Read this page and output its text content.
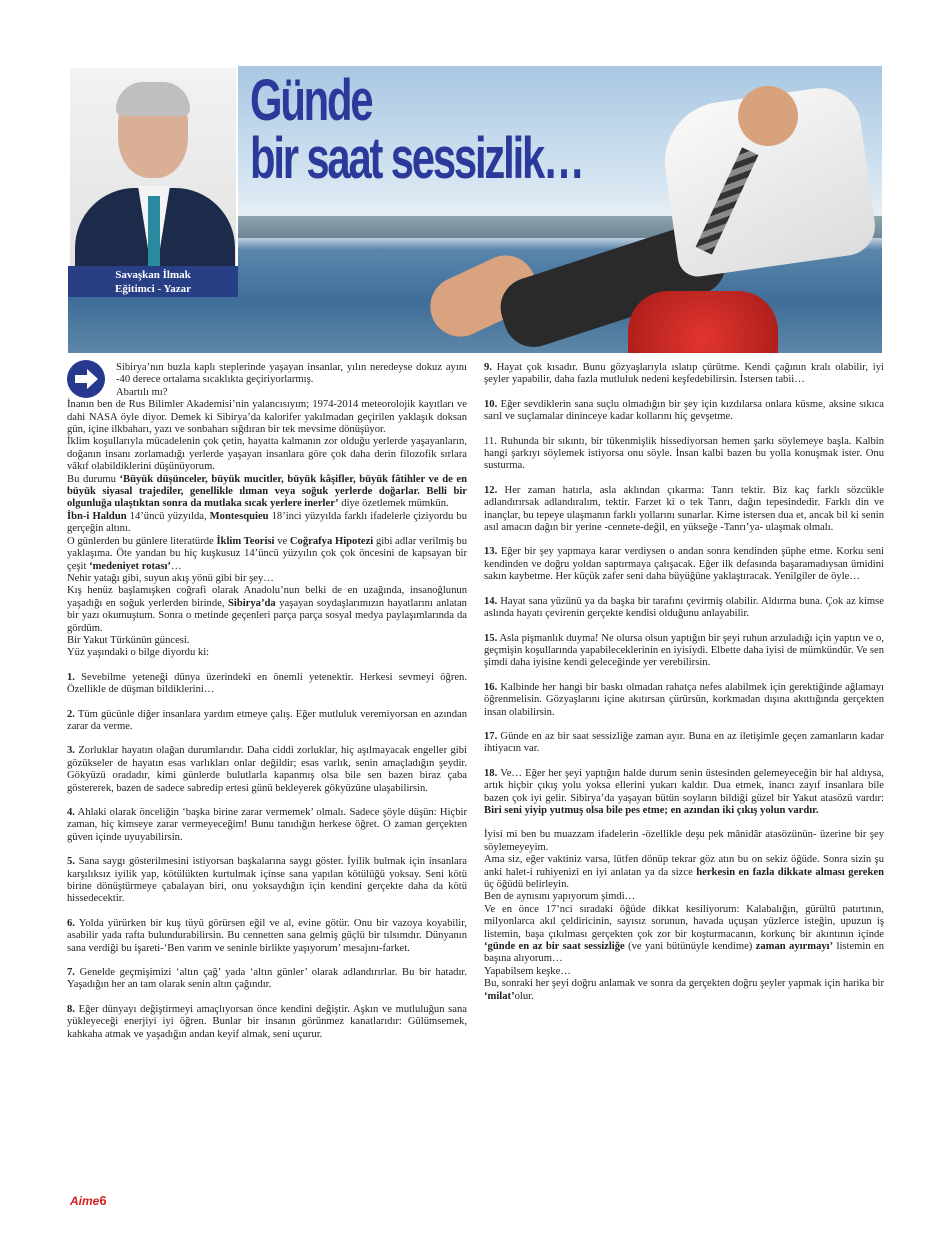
Savaşkan İlmak
Eğitimci - Yazar
Günde
bir saat sessizlik…

Sibirya’nın buzla kaplı steplerinde yaşayan insanlar, yılın neredeyse dokuz ayını -40 derece ortalama sıcaklıkta geçiriyorlarmış.

Abartılı mı?

İnanın ben de Rus Bilimler Akademisi’nin yalancısıyım; 1974-2014 meteorolojik kayıtları ve dahi NASA öyle diyor. Demek ki Sibirya’da kalorifer yakılmadan geçirilen yaklaşık doksan gün, içine ilkbaharı, yazı ve sonbaharı sığdıran bir tek mevsime dönüşüyor.

İklim koşullarıyla mücadelenin çok çetin, hayatta kalmanın zor olduğu yerlerde yaşayanların, doğanın insanı zorlamadığı yerlerde yaşayan insanlara göre çok daha derin filozofik sırlara vâkıf olabildiklerini düşünüyorum.

Bu durumu ‘Büyük düşünceler, büyük mucitler, büyük kâşifler, büyük fâtihler ve de en büyük siyasal trajediler, genellikle ılıman veya soğuk yerlerde doğarlar. Belli bir olgunluğa ulaştıktan sonra da mutlaka sıcak yerlere inerler’ diye özetlemek mümkün.

İbn-i Haldun 14’üncü yüzyılda, Montesquieu 18’inci yüzyılda farklı ifadelerle çiziyordu bu gerçeğin altını.

O günlerden bu günlere literatürde İklim Teorisi ve Coğrafya Hipotezi gibi adlar verilmiş bu yaklaşıma. Öte yandan bu hiç kuşkusuz 14’üncü yüzyılın çok çok öncesini de kapsayan bir çeşit ‘medeniyet rotası’…

Nehir yatağı gibi, suyun akış yönü gibi bir şey…

Kış henüz başlamışken coğrafi olarak Anadolu’nun belki de en uzağında, insanoğlunun yaşadığı en soğuk yerlerden birinde, Sibirya’da yaşayan soydaşlarımızın hayatlarını anlatan bir yazı okumuştum. Sonra o metinde geçenleri parça parça sosyal medya paylaşımlarında da gördüm.

Bir Yakut Türkünün güncesi.

Yüz yaşındaki o bilge diyordu ki:

1. Sevebilme yeteneği dünya üzerindeki en önemli yetenektir. Herkesi sevmeyi öğren. Özellikle de düşman bildiklerini…

2. Tüm gücünle diğer insanlara yardım etmeye çalış. Eğer mutluluk veremiyorsan en azından zarar da verme.

3. Zorluklar hayatın olağan durumlarıdır. Daha ciddi zorluklar, hiç aşılmayacak engeller gibi gözükseler de hayatın esas varlıkları onlar değildir; esas varlık, senin amaçladığın şeydir. Gökyüzü oradadır, kimi günlerde bulutlarla kapanmış olsa bile sen bazen biraz çaba göstererek, bazen de sadece sabredip ertesi günü bekleyerek gökyüzüne ulaşabilirsin.

4. Ahlaki olarak önceliğin ‘başka birine zarar vermemek’ olmalı. Sadece şöyle düşün: Hiçbir zaman, hiç kimseye zarar vermeyeceğim! Bunu tanıdığın herkese öğret. O zaman gerçekten güven içinde uyuyabilirsin.

5. Sana saygı gösterilmesini istiyorsan başkalarına saygı göster. İyilik bulmak için insanlara karşılıksız iyilik yap, kötülükten kurtulmak içinse sana yapılan kötülüğü yoksay. Seni kötü birine dönüştürmeye çabalayan biri, onu yoksaydığın için kendini gerçekte daha da kötü hissedecektir.

6. Yolda yürürken bir kuş tüyü görürsen eğil ve al, evine götür. Onu bir vazoya koyabilir, asabilir yada rafta bulundurabilirsin. Bu cennetten sana gelmiş güçlü bir tılsımdır. Dünyanın sana verdiği bu işareti-‘Ben varım ve seninle birlikte yaşıyorum’ mesajını-farket.

7. Genelde geçmişimizi ‘altın çağ’ yada ‘altın günler’ olarak adlandırırlar. Bu bir hatadır. Yaşadığın her an tam olarak senin altın çağındır.

8. Eğer dünyayı değiştirmeyi amaçlıyorsan önce kendini değiştir. Aşkın ve mutluluğun sana yükleyeceği enerjiyi iyi öğren. Bunlar bir insanın görünmez kanatlarıdır: Gülümsemek, kahkaha atmak ve yaşadığın andan keyif almak, seni uçurur.

9. Hayat çok kısadır. Bunu gözyaşlarıyla ıslatıp çürütme. Kendi çağının kralı olabilir, iyi şeyler yapabilir, daha fazla mutluluk nedeni keşfedebilirsin. İstersen tabii…

10. Eğer sevdiklerin sana suçlu olmadığın bir şey için kızdılarsa onlara küsme, aksine sıkıca sarıl ve suçlamalar dininceye kadar kollarını hiç gevşetme.

11. Ruhunda bir sıkıntı, bir tükenmişlik hissediyorsan hemen şarkı söylemeye başla. Kalbin hangi şarkıyı söylemek istiyorsa onu söyle. İnsan kalbi bazen bu yolla konuşmak ister. Onu susturma.

12. Her zaman hatırla, asla aklından çıkarma: Tanrı tektir. Biz kaç farklı sözcükle adlandırırsak adlandıralım, tektir. Farzet ki o tek Tanrı, dağın tepesindedir. Farklı din ve inançlar, bu tepeye ulaşmanın farklı yollarını sunarlar. Kime istersen dua et, ancak bil ki senin asıl amacın dağın bir yerine -cennete-değil, en yükseğe -Tanrı’ya- ulaşmak olmalı.

13. Eğer bir şey yapmaya karar verdiysen o andan sonra kendinden şüphe etme. Korku seni kendinden ve doğru yoldan saptırmaya çalışacak. Eğer ilk defasında başaramadıysan ümidini sakın kaybetme. Her küçük zafer seni daha büyüğüne yaklaştıracak. Yenilgiler de öyle…

14. Hayat sana yüzünü ya da başka bir tarafını çevirmiş olabilir. Aldırma buna. Çok az kimse aslında hayatı çevirenin gerçekte kendisi olduğunu anlayabilir.

15. Asla pişmanlık duyma! Ne olursa olsun yaptığın bir şeyi ruhun arzuladığı için yaptın ve o, geçmişin koşullarında yapabileceklerinin en iyisiydi. Elbette daha iyisi de mümkündür. Ve sen şimdi daha iyisine kendi geleceğinde yer verebilirsin.

16. Kalbinde her hangi bir baskı olmadan rahatça nefes alabilmek için gerektiğinde ağlamayı öğrenmelisin. Gözyaşlarını içine akıtırsan çürürsün, korkmadan dışına akıttığında gerçekten insan olabilirsin.

17. Günde en az bir saat sessizliğe zaman ayır. Buna en az iletişimle geçen zamanların kadar ihtiyacın var.

18. Ve… Eğer her şeyi yaptığın halde durum senin üstesinden gelemeyeceğin bir hal aldıysa, artık hiçbir çıkış yolu yoksa ellerini yukarı kaldır. Dua etmek, inancı zayıf insanlara bile bazen çok iyi gelir. Sibirya’da yaşayan bütün soyların bildiği güzel bir Yakut atasözü vardır: Biri seni yiyip yutmuş olsa bile pes etme; en azından iki çıkış yolun vardır.

İyisi mi ben bu muazzam ifadelerin -özellikle deşu pek mânidâr atasözünün- üzerine bir şey söylemeyeyim.

Ama siz, eğer vaktiniz varsa, lütfen dönüp tekrar göz atın bu on sekiz öğüde. Sonra sizin şu anki halet-i ruhiyenizi en iyi anlatan ya da sizce herkesin en fazla dikkate alması gereken üç öğüdü belirleyin.

Ben de aynısını yapıyorum şimdi…

Ve en önce 17’nci sıradaki öğüde dikkat kesiliyorum: Kalabalığın, gürültü patırtının, milyonlarca akıl çeldiricinin, sayısız sorunun, havada uçuşan yüzlerce isteğin, upuzun iş listemin, başa çıkılması gerçekten çok zor bir koşturmacanın, korkunç bir akıntının içinde ‘günde en az bir saat sessizliğe (ve yani bütünüyle kendime) zaman ayırmayı’ listemin en başına alıyorum…

Yapabilsem keşke…

Bu, sonraki her şeyi doğru anlamak ve sonra da gerçekten doğru şeyler yapmak için harika bir ‘milat’olur.

Aime6
